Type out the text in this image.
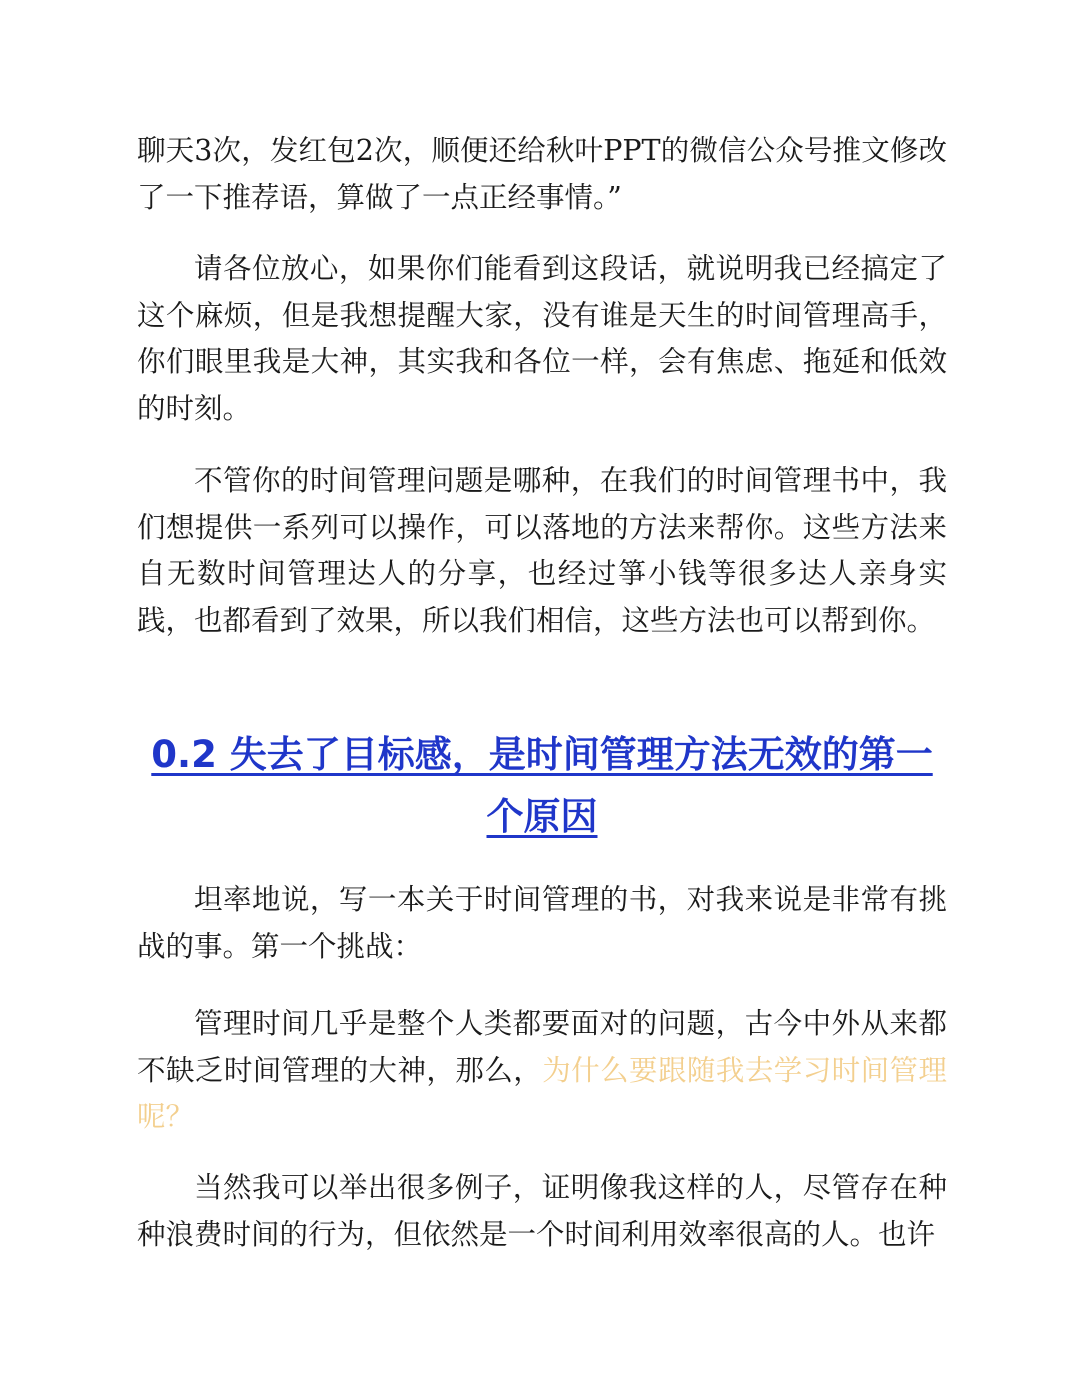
聊天3次，发红包2次，顺便还给秋叶PPT的微信公众号推文修改了一下推荐语，算做了一点正经事情。”

请各位放心，如果你们能看到这段话，就说明我已经搞定了这个麻烦，但是我想提醒大家，没有谁是天生的时间管理高手，你们眼里我是大神，其实我和各位一样，会有焦虑、拖延和低效的时刻。

不管你的时间管理问题是哪种，在我们的时间管理书中，我们想提供一系列可以操作，可以落地的方法来帮你。这些方法来自无数时间管理达人的分享，也经过箏小钱等很多达人亲身实践，也都看到了效果，所以我们相信，这些方法也可以帮到你。

0.2 失去了目标感，是时间管理方法无效的第一个原因

坦率地说，写一本关于时间管理的书，对我来说是非常有挑战的事。第一个挑战：

管理时间几乎是整个人类都要面对的问题，古今中外从来都不缺乏时间管理的大神，那么，为什么要跟随我去学习时间管理呢？

当然我可以举出很多例子，证明像我这样的人，尽管存在种种浪费时间的行为，但依然是一个时间利用效率很高的人。也许
